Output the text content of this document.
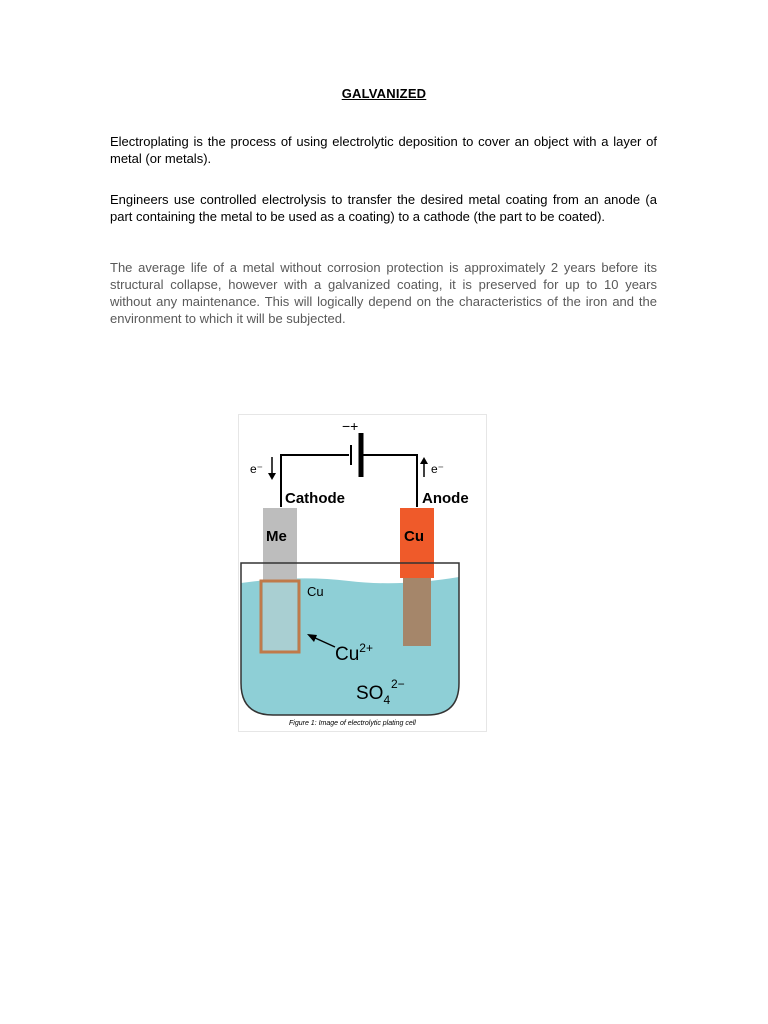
GALVANIZED

Electroplating is the process of using electrolytic deposition to cover an object with a layer of metal (or metals).

Engineers use controlled electrolysis to transfer the desired metal coating from an anode (a part containing the metal to be used as a coating) to a cathode (the part to be coated).

The average life of a metal without corrosion protection is approximately 2 years before its structural collapse, however with a galvanized coating, it is preserved for up to 10 years without any maintenance. This will logically depend on the characteristics of the iron and the environment to which it will be subjected.

−+
e⁻	e⁻
Cathode	Anode
Me	Cu
Cu
$Cu^{2+}$
$SO_4$
2−
Figure 1: Image of electrolytic plating cell
